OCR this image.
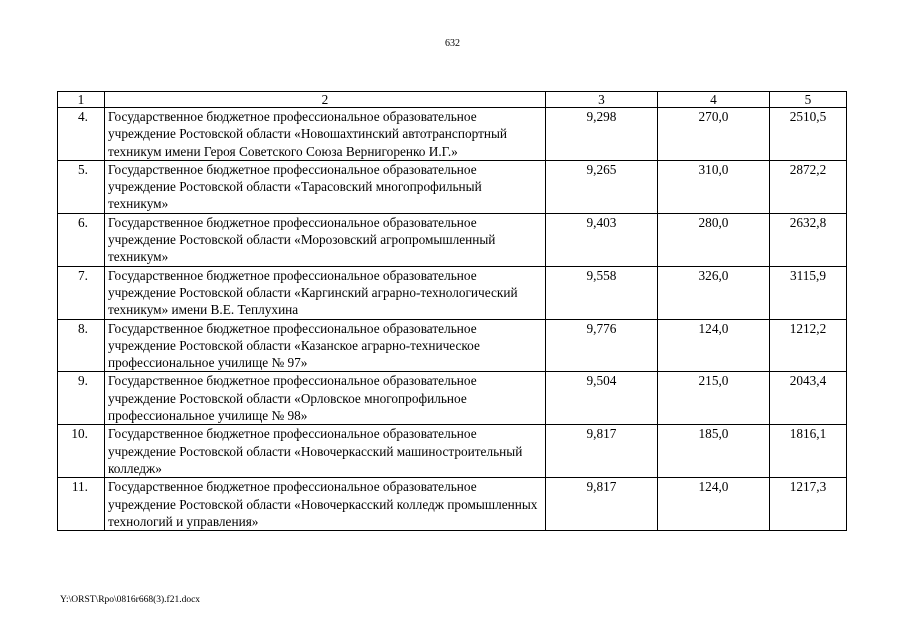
632
1	2	3	4	5
4.	Государственное бюджетное профессиональное образовательное учреждение Ростовской области «Новошахтинский автотранспортный техникум имени Героя Советского Союза Вернигоренко И.Г.»	9,298	270,0	2510,5
5.	Государственное бюджетное профессиональное образовательное учреждение Ростовской области «Тарасовский многопрофильный техникум»	9,265	310,0	2872,2
6.	Государственное бюджетное профессиональное образовательное учреждение Ростовской области «Морозовский агропромышленный техникум»	9,403	280,0	2632,8
7.	Государственное бюджетное профессиональное образовательное учреждение Ростовской области «Каргинский аграрно-технологический техникум» имени В.Е. Теплухина	9,558	326,0	3115,9
8.	Государственное бюджетное профессиональное образовательное учреждение Ростовской области «Казанское аграрно-техническое профессиональное училище № 97»	9,776	124,0	1212,2
9.	Государственное бюджетное профессиональное образовательное учреждение Ростовской области «Орловское многопрофильное профессиональное училище № 98»	9,504	215,0	2043,4
10.	Государственное бюджетное профессиональное образовательное учреждение Ростовской области «Новочеркасский машиностроительный колледж»	9,817	185,0	1816,1
11.	Государственное бюджетное профессиональное образовательное учреждение Ростовской области «Новочеркасский колледж промышленных технологий и управления»	9,817	124,0	1217,3
Y:\ORST\Rpo\0816r668(3).f21.docx
